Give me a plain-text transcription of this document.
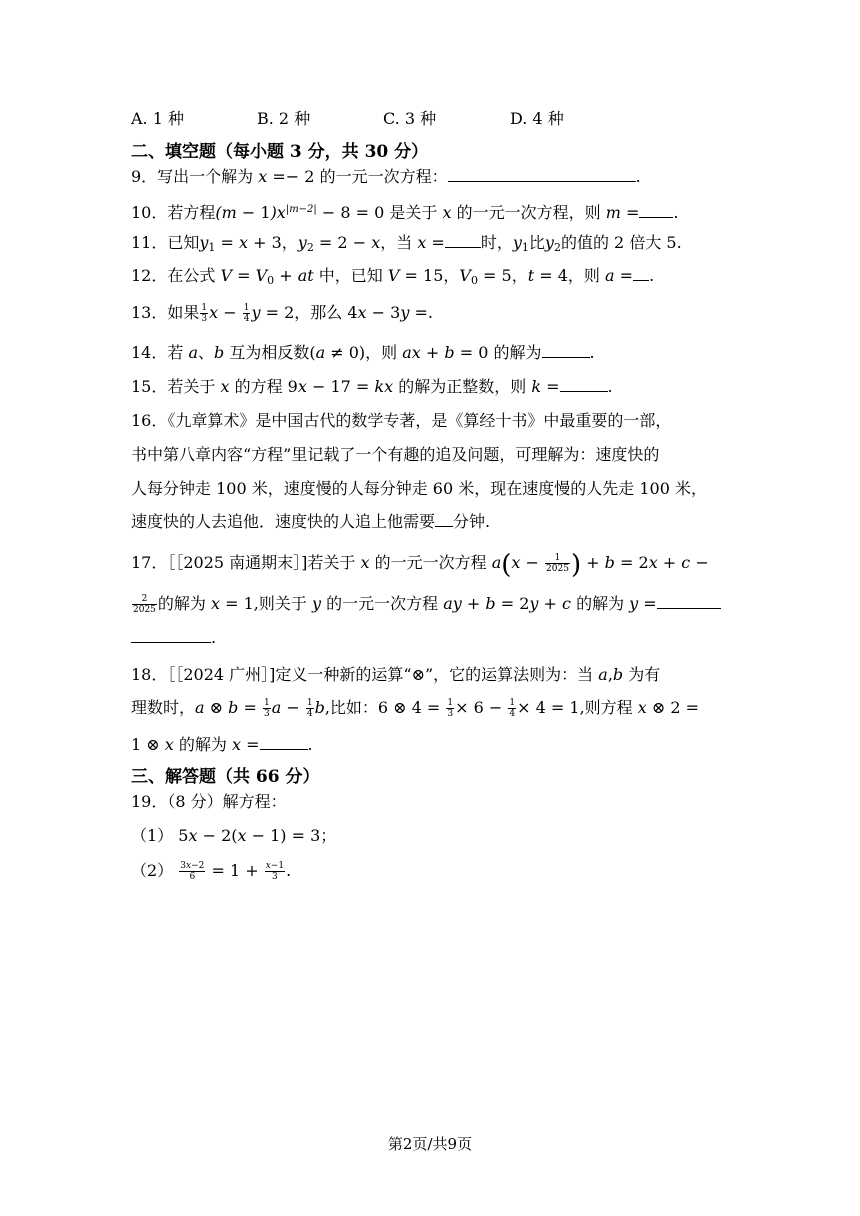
A. 1 种	B. 2 种	C. 3 种	D. 4 种
二、填空题（每小题 3 分，共 30 分）
9．写出一个解为 x =− 2 的一元一次方程：	.
10．若方程$(m - 1)x^{|m-2|} - 8 = 0$ 是关于 x 的一元一次方程，则 m = .
11．已知$y_1 = x + 3$，$y_2 = 2 - x$，当 x = 时，$y_1$比$y_2$的值的 2 倍大 5.
12．在公式 $V = V_0$ + at 中，已知 V = 15，$V_0 = 5$，t = 4，则 a = .
13．如果 $\frac{1}{3}$ $x - \frac{1}{4}$ y = 2，那么 4x − 3y =.
14．若 a、b 互为相反数(a ≠ 0)，则 ax + b = 0 的解为	.
15．若关于 x 的方程 9x − 17 = kx 的解为正整数，则 k =	.
16．《九章算术》是中国古代的数学专著，是《算经十书》中最重要的一部，
书中第八章内容“方程”里记载了一个有趣的追及问题，可理解为：速度快的
人每分钟走 100 米，速度慢的人每分钟走 60 米，现在速度慢的人先走 100 米，
速度快的人去追他．速度快的人追上他需要 分钟.
17．［［2025 南通期末］]若关于 x 的一元一次方程 $a(x - \frac{1}{2025}$ ) + b = 2x + c −
$\frac{2}{2025}$ 的解为 x = 1,则关于 y 的一元一次方程 ay + b = 2y + c 的解为 y =
.
18．［［2024 广州］]定义一种新的运算“⊗”，它的运算法则为：当 a,b 为有
理数时，a ⊗ $b = \frac{1}{3}$ $a - \frac{1}{4} b$,比如：6 ⊗ $4 = \frac{1}{3} \times 6 - \frac{1}{4} \times 4 = 1$,则方程 x ⊗ 2 =
1 ⊗ x 的解为 x =	.
三、解答题（共 66 分）
19．（8 分）解方程：
（1） 5x − 2(x − 1) = 3；
$(2) \frac{3x-2}{6} = 1 + \frac{x-1}{3}$ .
第2页/共9页
